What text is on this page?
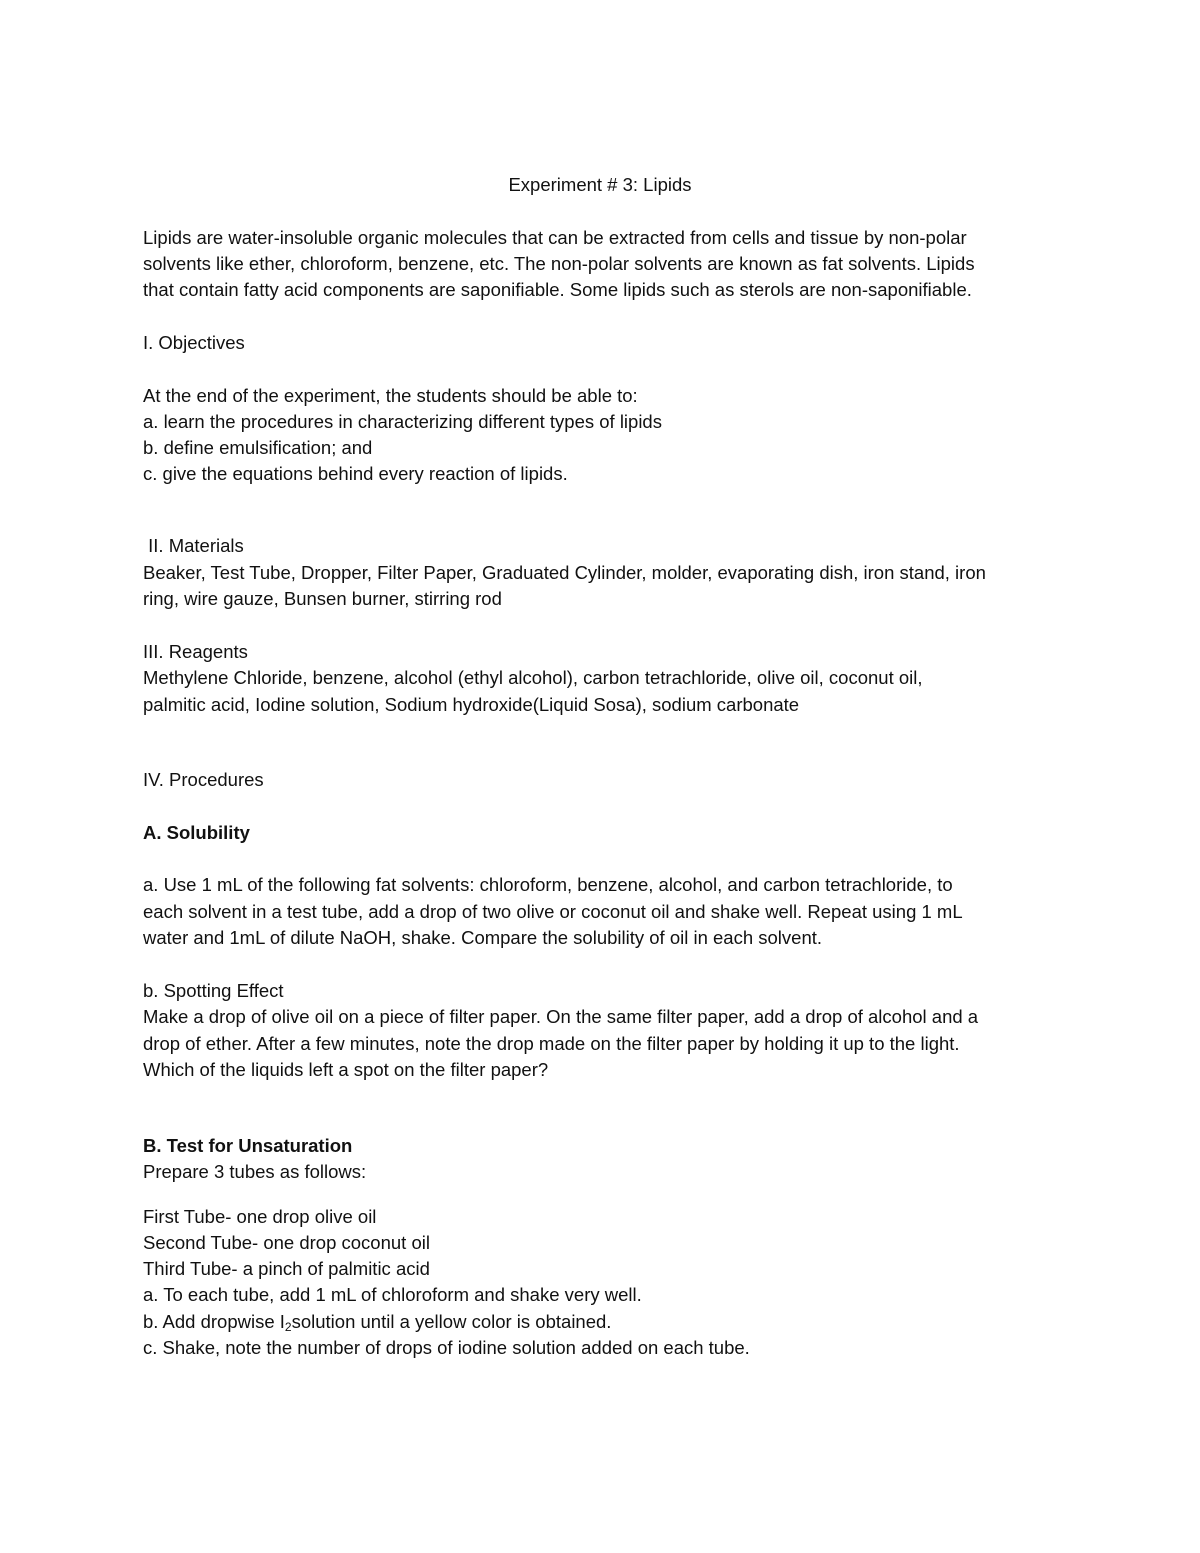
Experiment # 3: Lipids

Lipids are water-insoluble organic molecules that can be extracted from cells and tissue by non-polar

solvents like ether, chloroform, benzene, etc. The non-polar solvents are known as fat solvents. Lipids

that contain fatty acid components are saponifiable. Some lipids such as sterols are non-saponifiable.

I. Objectives

At the end of the experiment, the students should be able to:

a. learn the procedures in characterizing different types of lipids

b. define emulsification; and

c. give the equations behind every reaction of lipids.

II. Materials

Beaker, Test Tube, Dropper, Filter Paper, Graduated Cylinder, molder, evaporating dish, iron stand, iron

ring, wire gauze, Bunsen burner, stirring rod

III. Reagents

Methylene Chloride, benzene, alcohol (ethyl alcohol), carbon tetrachloride, olive oil, coconut oil,

palmitic acid, Iodine solution, Sodium hydroxide(Liquid Sosa), sodium carbonate

IV. Procedures

A. Solubility

a. Use 1 mL of the following fat solvents: chloroform, benzene, alcohol, and carbon tetrachloride, to

each solvent in a test tube, add a drop of two olive or coconut oil and shake well. Repeat using 1 mL

water and 1mL of dilute NaOH, shake. Compare the solubility of oil in each solvent.

b. Spotting Effect

Make a drop of olive oil on a piece of filter paper. On the same filter paper, add a drop of alcohol and a

drop of ether. After a few minutes, note the drop made on the filter paper by holding it up to the light.

Which of the liquids left a spot on the filter paper?

B. Test for Unsaturation

Prepare 3 tubes as follows:

First Tube- one drop olive oil

Second Tube- one drop coconut oil

Third Tube- a pinch of palmitic acid

a. To each tube, add 1 mL of chloroform and shake very well.

b. Add dropwise $I_2solution$ until a yellow color is obtained.

c. Shake, note the number of drops of iodine solution added on each tube.
